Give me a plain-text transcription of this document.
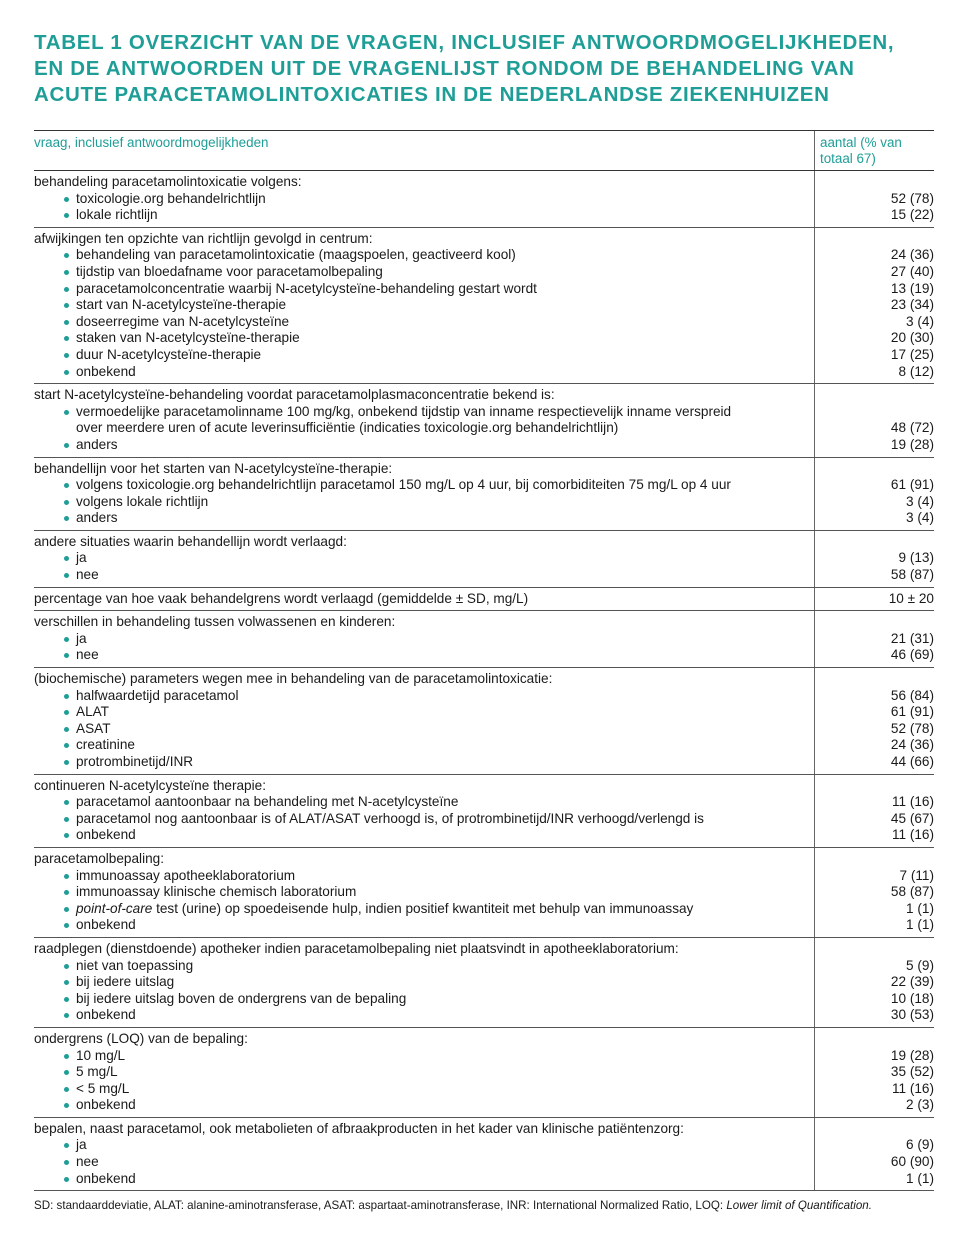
TABEL 1 OVERZICHT VAN DE VRAGEN, INCLUSIEF ANTWOORDMOGELIJKHEDEN,
EN DE ANTWOORDEN UIT DE VRAGENLIJST RONDOM DE BEHANDELING VAN
ACUTE PARACETAMOLINTOXICATIES IN DE NEDERLANDSE ZIEKENHUIZEN
vraag, inclusief antwoordmogelijkheden	aantal (% van
totaal 67)
behandeling paracetamolintoxicatie volgens:
toxicologie.org behandelrichtlijn	52 (78)
lokale richtlijn	15 (22)
afwijkingen ten opzichte van richtlijn gevolgd in centrum:
behandeling van paracetamolintoxicatie (maagspoelen, geactiveerd kool)	24 (36)
tijdstip van bloedafname voor paracetamolbepaling	27 (40)
paracetamolconcentratie waarbij N-acetylcysteïne-behandeling gestart wordt	13 (19)
start van N-acetylcysteïne-therapie	23 (34)
doseerregime van N-acetylcysteïne	3 (4)
staken van N-acetylcysteïne-therapie	20 (30)
duur N-acetylcysteïne-therapie	17 (25)
onbekend	8 (12)
start N-acetylcysteïne-behandeling voordat paracetamolplasmaconcentratie bekend is:
vermoedelijke paracetamolinname 100 mg/kg, onbekend tijdstip van inname respectievelijk inname verspreid
over meerdere uren of acute leverinsufficiëntie (indicaties toxicologie.org behandelrichtlijn)	48 (72)
anders	19 (28)
behandellijn voor het starten van N-acetylcysteïne-therapie:
volgens toxicologie.org behandelrichtlijn paracetamol 150 mg/L op 4 uur, bij comorbiditeiten 75 mg/L op 4 uur	61 (91)
volgens lokale richtlijn	3 (4)
anders	3 (4)
andere situaties waarin behandellijn wordt verlaagd:
ja	9 (13)
nee	58 (87)
percentage van hoe vaak behandelgrens wordt verlaagd (gemiddelde ± SD, mg/L)	10 ± 20
verschillen in behandeling tussen volwassenen en kinderen:
ja	21 (31)
nee	46 (69)
(biochemische) parameters wegen mee in behandeling van de paracetamolintoxicatie:
halfwaardetijd paracetamol	56 (84)
ALAT	61 (91)
ASAT	52 (78)
creatinine	24 (36)
protrombinetijd/INR	44 (66)
continueren N-acetylcysteïne therapie:
paracetamol aantoonbaar na behandeling met N-acetylcysteïne	11 (16)
paracetamol nog aantoonbaar is of ALAT/ASAT verhoogd is, of protrombinetijd/INR verhoogd/verlengd is	45 (67)
onbekend	11 (16)
paracetamolbepaling:
immunoassay apotheeklaboratorium	7 (11)
immunoassay klinische chemisch laboratorium	58 (87)
point-of-care test (urine) op spoedeisende hulp, indien positief kwantiteit met behulp van immunoassay	1 (1)
onbekend	1 (1)
raadplegen (dienstdoende) apotheker indien paracetamolbepaling niet plaatsvindt in apotheeklaboratorium:
niet van toepassing	5 (9)
bij iedere uitslag	22 (39)
bij iedere uitslag boven de ondergrens van de bepaling	10 (18)
onbekend	30 (53)
ondergrens (LOQ) van de bepaling:
10 mg/L	19 (28)
5 mg/L	35 (52)
< 5 mg/L	11 (16)
onbekend	2 (3)
bepalen, naast paracetamol, ook metabolieten of afbraakproducten in het kader van klinische patiëntenzorg:
ja	6 (9)
nee	60 (90)
onbekend	1 (1)
SD: standaarddeviatie, ALAT: alanine-aminotransferase, ASAT: aspartaat-aminotransferase, INR: International Normalized Ratio, LOQ: Lower limit of Quantification.
